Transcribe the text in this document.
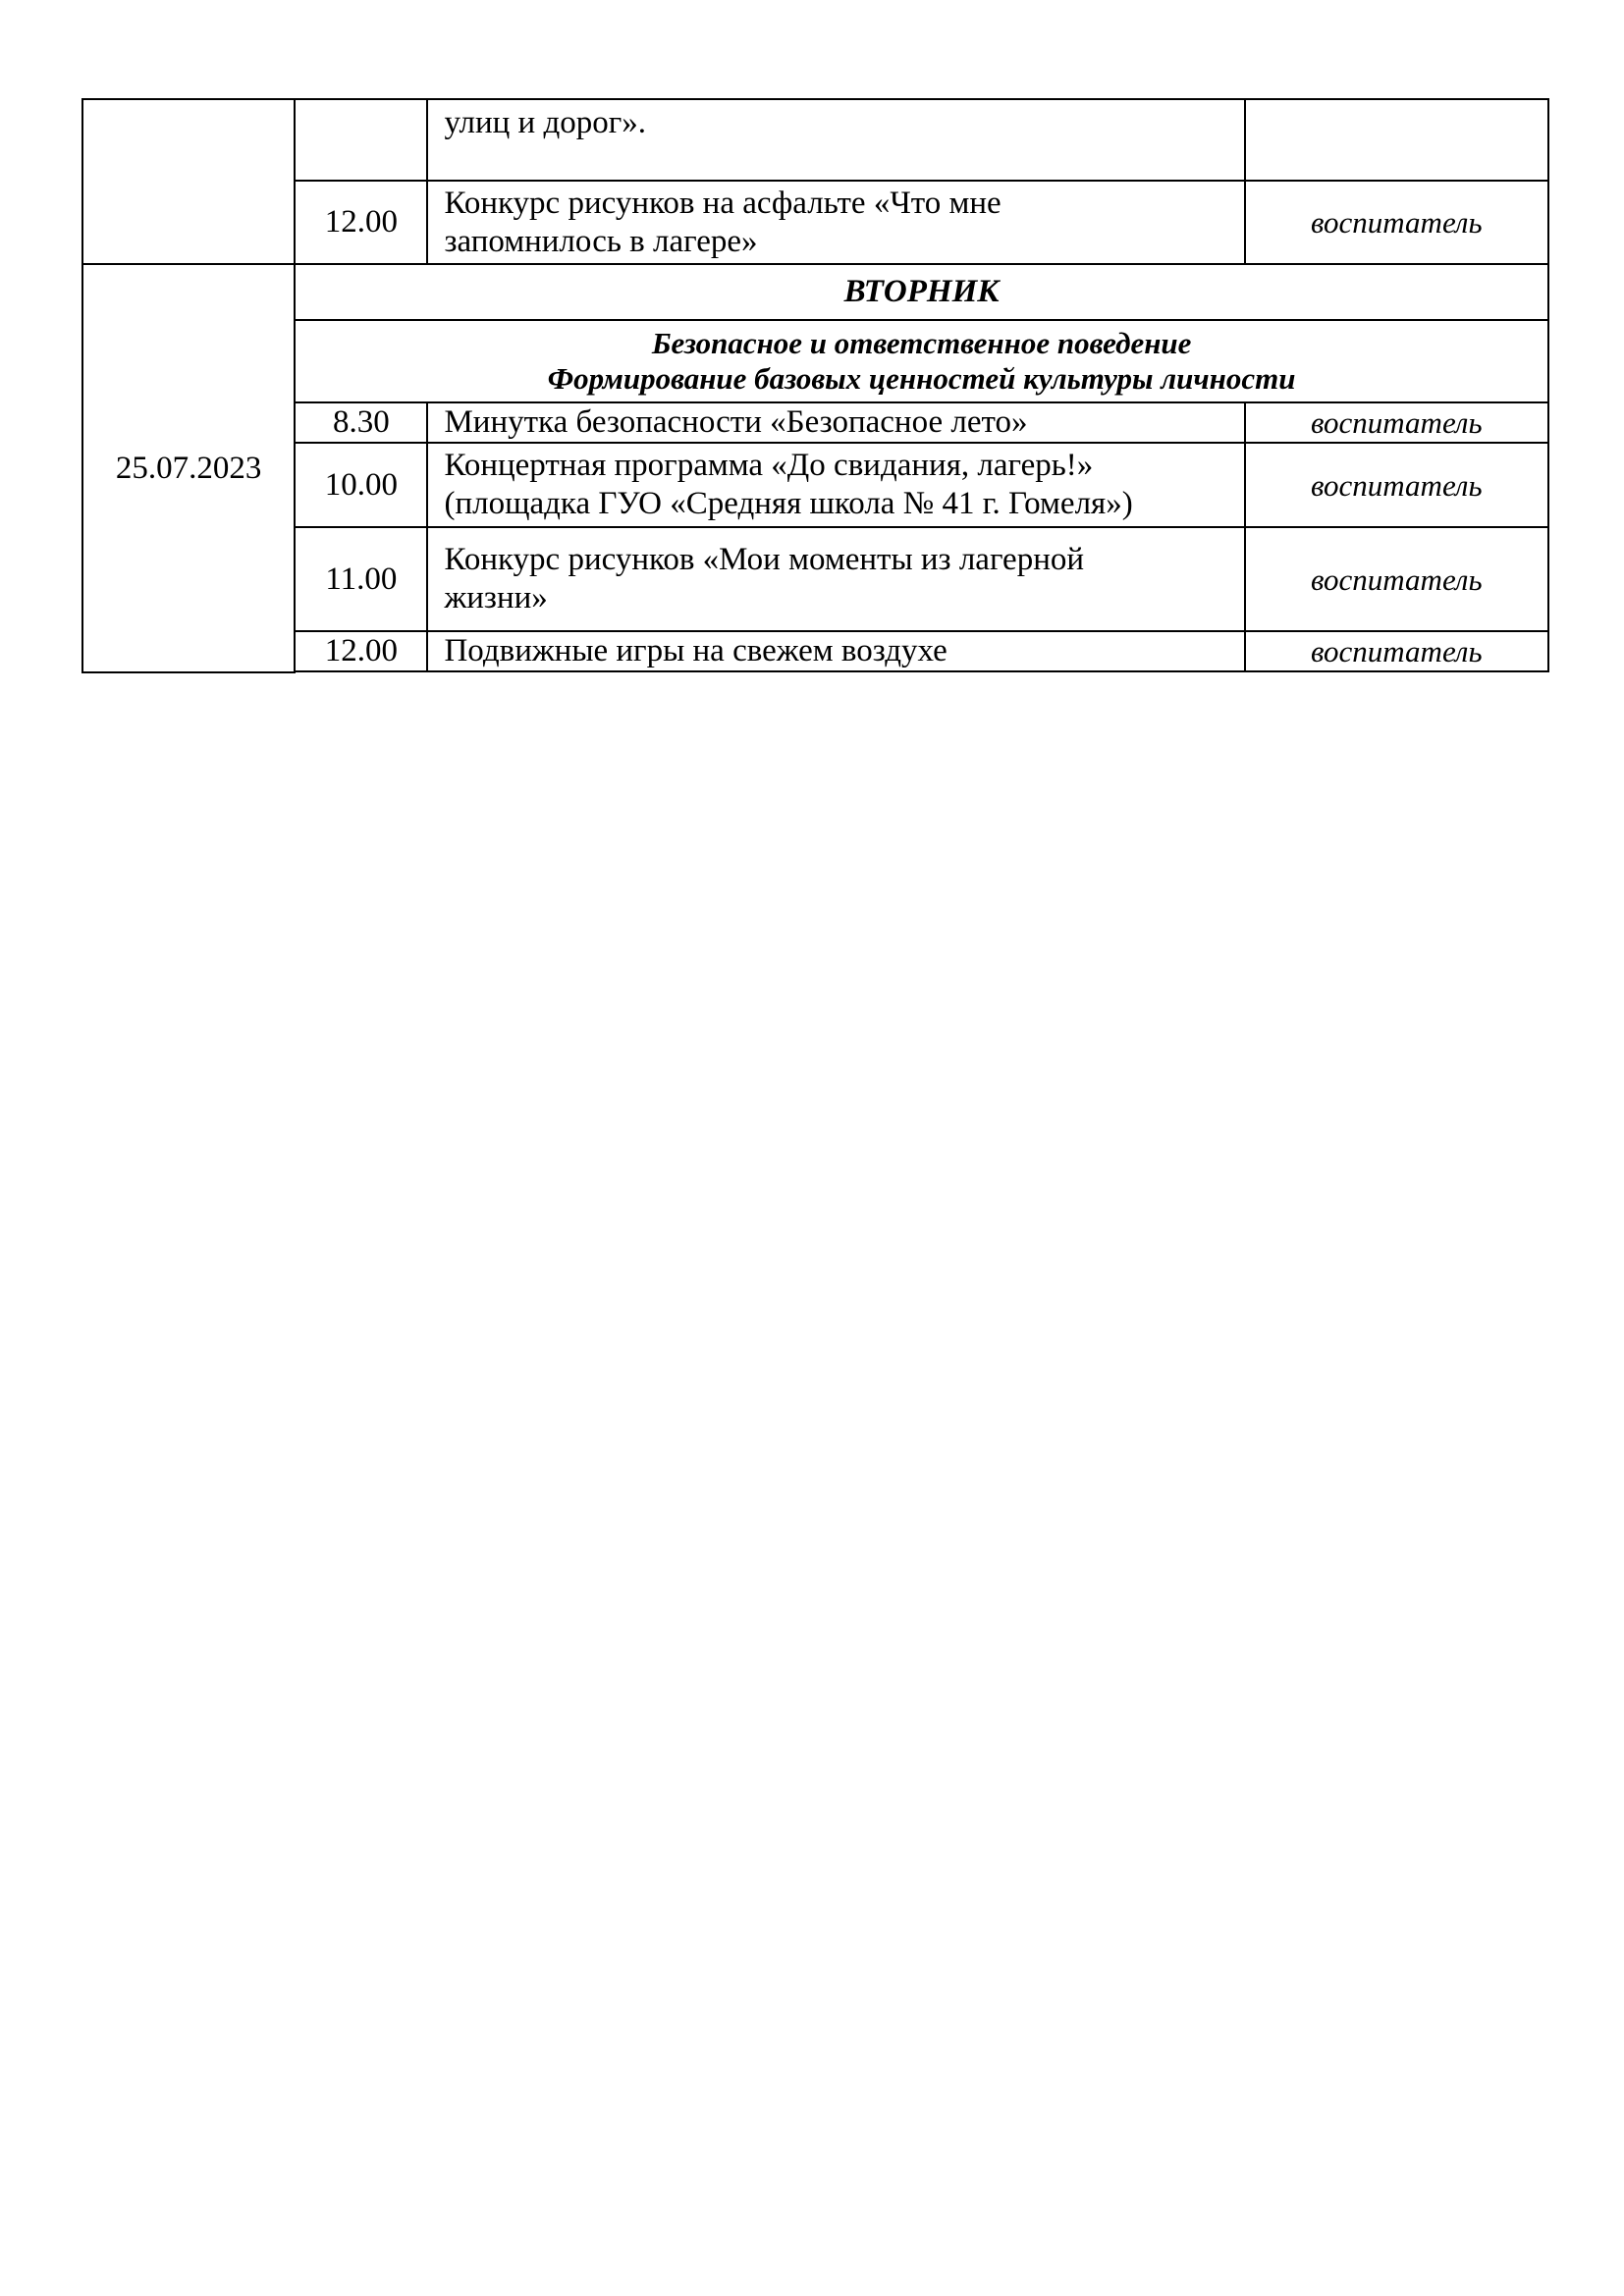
		улиц и дорог».	

	12.00	Конкурс рисунков на асфальте «Что мне
запомнилось в лагере»	воспитатель
25.07.2023	ВТОРНИК		

	Безопасное и ответственное поведение
Формирование базовых ценностей культуры личности		

	8.30	Минутка безопасности «Безопасное лето»	воспитатель
	10.00	Концертная программа «До свидания, лагерь!»
(площадка ГУО «Средняя школа № 41 г. Гомеля»)	воспитатель
	11.00	Конкурс рисунков «Мои моменты из лагерной
жизни»	воспитатель
	12.00	Подвижные игры на свежем воздухе	воспитатель
